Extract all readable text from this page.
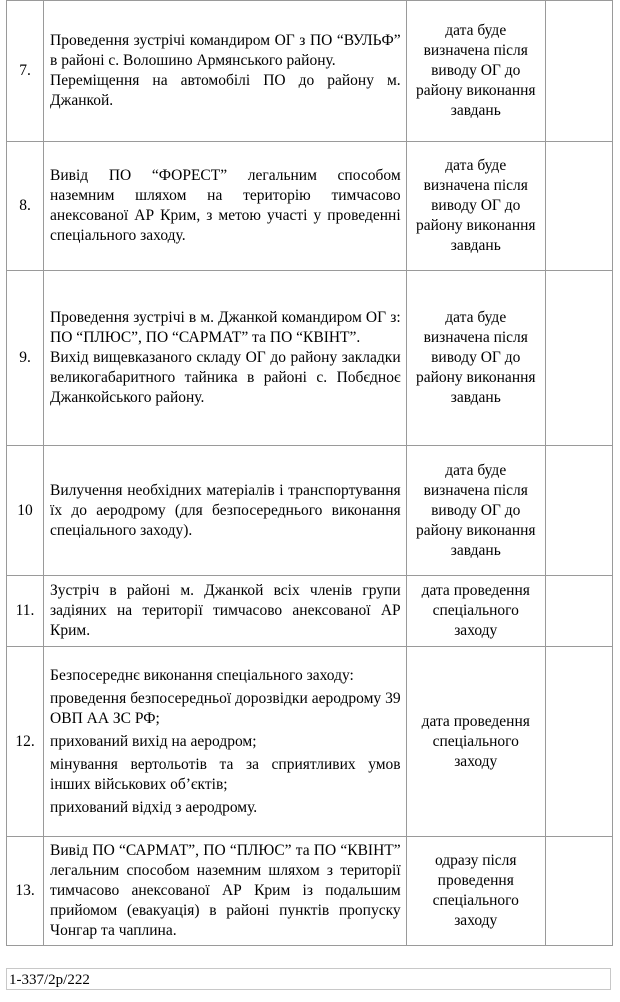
7.	Проведення зустрічі командиром ОГ з ПО “ВУЛЬФ” в районі с. Волошино Армянського району.
Переміщення на автомобілі ПО до району м. Джанкой.	дата буде визначена після виводу ОГ до району виконання завдань	
8.	Вивід ПО “ФОРЕСТ” легальним способом наземним шляхом на територію тимчасово анексованої АР Крим, з метою участі у проведенні спеціального заходу.	дата буде визначена після виводу ОГ до району виконання завдань	
9.	Проведення зустрічі в м. Джанкой командиром ОГ з: ПО “ПЛЮС”, ПО “САРМАТ” та ПО “КВІНТ”.
Вихід вищевказаного складу ОГ до району закладки великогабаритного тайника в районі с. Побєдноє Джанкойського району.	дата буде визначена після виводу ОГ до району виконання завдань	
10	Вилучення необхідних матеріалів і транспортування їх до аеродрому (для безпосереднього виконання спеціального заходу).	дата буде визначена після виводу ОГ до району виконання завдань	
11.	Зустріч в районі м. Джанкой всіх членів групи задіяних на території тимчасово анексованої АР Крим.	дата проведення спеціального заходу	
12.	Безпосереднє виконання спеціального заходу:
проведення безпосередньої дорозвідки аеродрому 39 ОВП АА ЗС РФ;
прихований вихід на аеродром;
мінування вертольотів та за сприятливих умов інших військових об’єктів;
прихований відхід з аеродрому.	дата проведення спеціального заходу	
13.	Вивід ПО “САРМАТ”, ПО “ПЛЮС” та ПО “КВІНТ” легальним способом наземним шляхом з території тимчасово анексованої АР Крим із подальшим прийомом (евакуація) в районі пунктів пропуску Чонгар та чаплина.	одразу після проведення спеціального заходу	
1-337/2р/222
